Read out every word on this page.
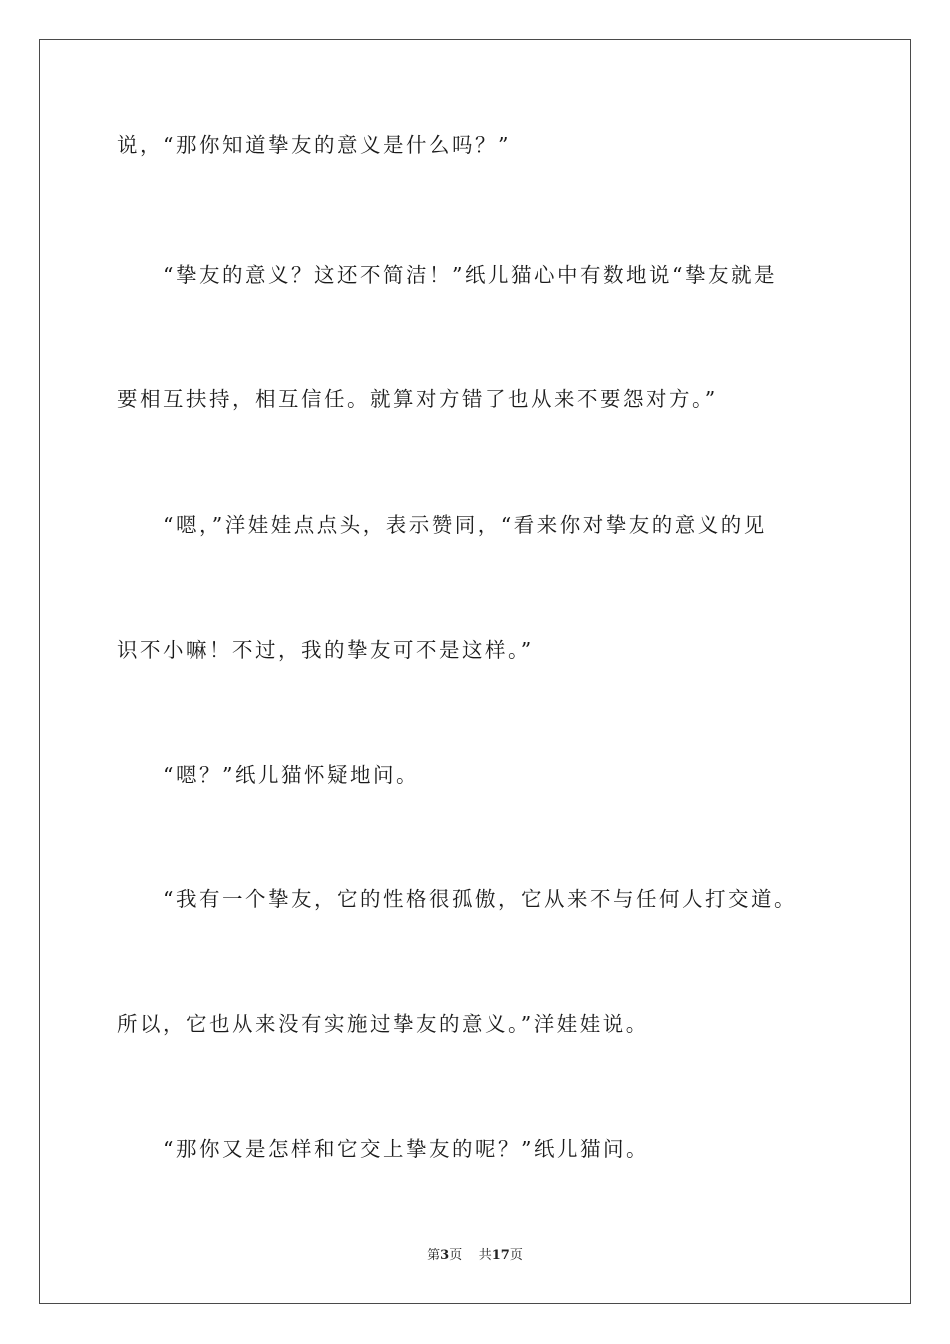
说，“那你知道挚友的意义是什么吗？”
　　“挚友的意义？这还不简洁！”纸儿猫心中有数地说“挚友就是
要相互扶持，相互信任。就算对方错了也从来不要怨对方。”
　　“嗯，”洋娃娃点点头，表示赞同，“看来你对挚友的意义的见
识不小嘛！不过，我的挚友可不是这样。”
　　“嗯？”纸儿猫怀疑地问。
　　“我有一个挚友，它的性格很孤傲，它从来不与任何人打交道。
所以，它也从来没有实施过挚友的意义。”洋娃娃说。
　　“那你又是怎样和它交上挚友的呢？”纸儿猫问。
第3页 共17页
